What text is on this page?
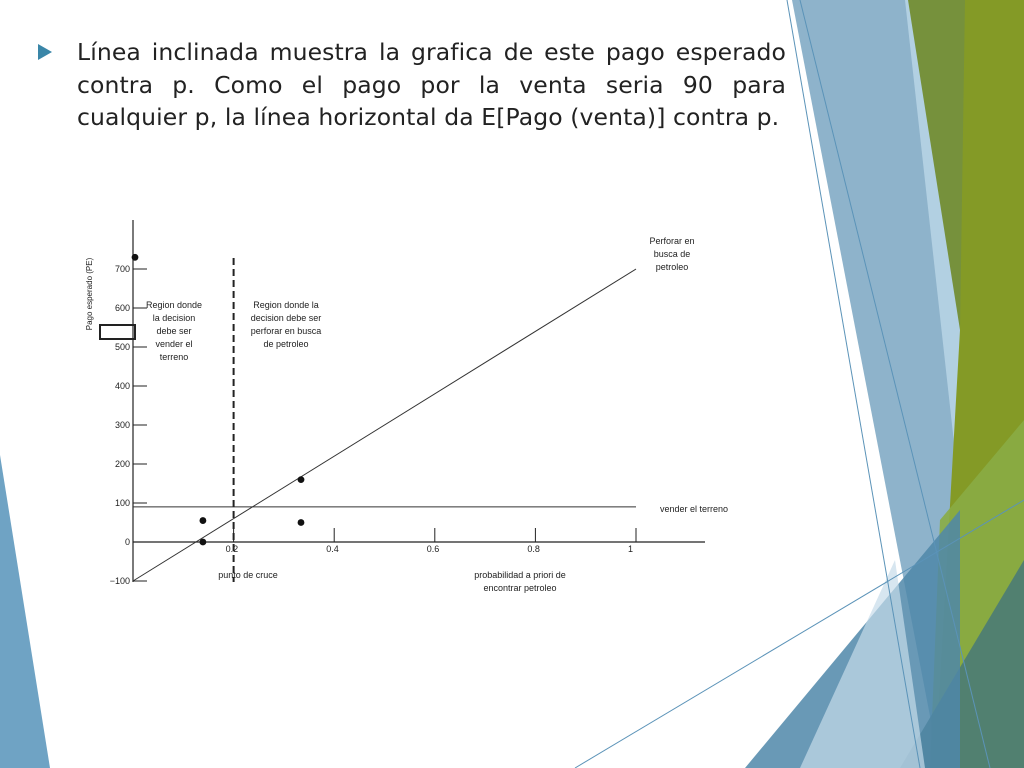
Línea inclinada muestra la grafica de este pago esperado contra p. Como el pago por la venta seria 90 para cualquier p, la línea horizontal da E[Pago (venta)] contra p.
−100
0
100
200
300
400
500
600
700
0.2	0.4	0.6	0.8	1
Pago esperado (PE)
Perforar en busca de petroleo
vender el terreno
Region donde la decision debe ser vender el terreno
Region donde la decision debe ser perforar en busca de petroleo
punto de cruce	probabilidad a priori de encontrar petroleo
